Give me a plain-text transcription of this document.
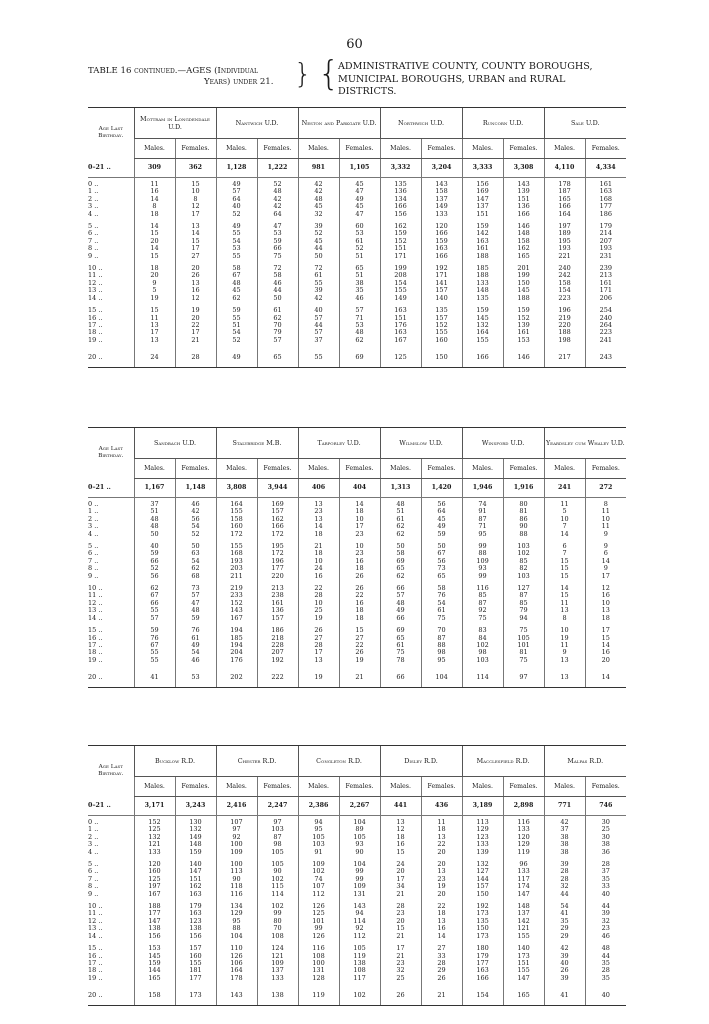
60
TABLE 16 continued.—AGES (Individual
Years) under 21. } {
ADMINISTRATIVE COUNTY, COUNTY BOROUGHS,
MUNICIPAL BOROUGHS, URBAN and RURAL
DISTRICTS.
Age Last Birthday.	Mottram in Longdendale U.D.		Nantwich U.D.		Neston and Parkgate U.D.		Northwich U.D.		Runcorn U.D.		Sale U.D.	
	Males.	Females.	Males.	Females.	Males.	Females.	Males.	Females.	Males.	Females.	Males.	Females.
0–21 ..	309	362	1,128	1,222	981	1,105	3,332	3,204	3,333	3,308	4,110	4,334

0 ..	11	15	49	52	42	45	135	143	156	143	178	161
1 ..	16	10	57	48	42	47	136	158	169	139	187	163
2 ..	14	8	64	42	48	49	134	137	147	151	165	168
3 ..	8	12	40	42	45	45	166	149	137	136	166	177
4 ..	18	17	52	64	32	47	156	133	151	166	164	186

5 ..	14	13	49	47	39	60	162	120	159	146	197	179
6 ..	15	14	55	53	52	53	159	166	142	148	189	214
7 ..	20	15	54	59	45	61	152	159	163	158	195	207
8 ..	14	17	53	66	44	52	151	163	161	162	193	193
9 ..	15	27	55	75	50	51	171	166	188	165	221	231

10 ..	18	20	58	72	72	65	199	192	185	201	240	239
11 ..	20	26	67	58	61	51	208	171	188	199	242	213
12 ..	9	13	48	46	55	38	154	141	133	150	158	161
13 ..	5	16	45	44	39	35	155	157	148	145	154	171
14 ..	19	12	62	50	42	46	149	140	135	188	223	206

15 ..	15	19	59	61	40	57	163	135	159	159	196	254
16 ..	11	20	55	62	57	71	151	157	145	152	219	240
17 ..	13	22	51	70	44	53	176	152	132	139	220	264
18 ..	17	17	54	79	57	48	163	155	164	161	188	223
19 ..	13	21	52	57	37	62	167	160	155	153	198	241

20 ..	24	28	49	65	55	69	125	150	166	146	217	243
Age Last Birthday.	Sandbach U.D.		Stalybridge M.B.		Tarporley U.D.		Wilmslow U.D.		Winsford U.D.		Yeardsley cum Whaley U.D.	
	Males.	Females.	Males.	Females.	Males.	Females.	Males.	Females.	Males.	Females.	Males.	Females.
0–21 ..	1,167	1,148	3,808	3,944	406	404	1,313	1,420	1,946	1,916	241	272

0 ..	37	46	164	169	13	14	48	56	74	80	11	8
1 ..	51	42	155	157	23	18	51	64	91	81	5	11
2 ..	48	56	158	162	13	10	61	45	87	86	10	10
3 ..	48	54	160	166	14	17	62	49	71	90	7	11
4 ..	50	52	172	172	18	23	62	59	95	88	14	9

5 ..	40	50	155	195	21	10	50	50	99	103	6	9
6 ..	59	63	168	172	18	23	58	67	88	102	7	6
7 ..	66	54	193	196	10	16	69	56	109	85	15	14
8 ..	52	62	203	177	24	18	65	73	93	82	15	9
9 ..	56	68	211	220	16	26	62	65	99	103	15	17

10 ..	62	73	219	213	22	26	66	58	116	127	14	12
11 ..	67	57	233	238	28	22	57	76	85	87	15	16
12 ..	66	47	152	161	10	16	48	54	87	85	11	10
13 ..	55	48	143	136	25	18	49	61	92	79	13	13
14 ..	57	59	167	157	19	18	66	75	75	94	8	18

15 ..	59	76	194	186	26	15	69	70	83	75	10	17
16 ..	76	61	185	218	27	27	65	87	84	105	19	15
17 ..	67	49	194	228	28	22	61	88	102	101	11	14
18 ..	55	54	204	207	17	26	75	98	98	81	9	16
19 ..	55	46	176	192	13	19	78	95	103	75	13	20

20 ..	41	53	202	222	19	21	66	104	114	97	13	14
Age Last Birthday.	Bucklow R.D.		Chester R.D.		Congleton R.D.		Disley R.D.		Macclesfield R.D.		Malpas R.D.	
	Males.	Females.	Males.	Females.	Males.	Females.	Males.	Females.	Males.	Females.	Males.	Females.
0–21 ..	3,171	3,243	2,416	2,247	2,386	2,267	441	436	3,189	2,898	771	746

0 ..	152	130	107	97	94	104	13	11	113	116	42	30
1 ..	125	132	97	103	95	89	12	18	129	133	37	25
2 ..	132	149	92	87	105	105	18	13	123	120	38	30
3 ..	121	148	100	98	103	93	16	22	133	129	38	38
4 ..	133	159	109	105	91	90	15	20	139	119	38	36

5 ..	120	140	100	105	109	104	24	20	132	96	39	28
6 ..	160	147	113	90	102	99	20	13	127	133	28	37
7 ..	125	151	90	102	74	99	17	23	144	117	28	35
8 ..	197	162	118	115	107	109	34	19	157	174	32	33
9 ..	167	163	116	114	112	131	21	20	150	147	44	40

10 ..	188	179	134	102	126	143	28	22	192	148	54	44
11 ..	177	163	129	99	125	94	23	18	173	137	41	39
12 ..	147	123	95	80	101	114	20	13	135	142	35	32
13 ..	138	138	88	70	99	92	15	16	150	121	29	23
14 ..	156	156	104	108	126	112	21	14	173	155	29	46

15 ..	153	157	110	124	116	105	17	27	180	140	42	48
16 ..	145	160	126	121	108	119	21	33	179	173	39	44
17 ..	159	155	106	109	100	138	23	28	177	151	40	35
18 ..	144	181	164	137	131	108	32	29	163	155	26	28
19 ..	165	177	178	133	128	117	25	26	166	147	39	35

20 ..	158	173	143	138	119	102	26	21	154	165	41	40
